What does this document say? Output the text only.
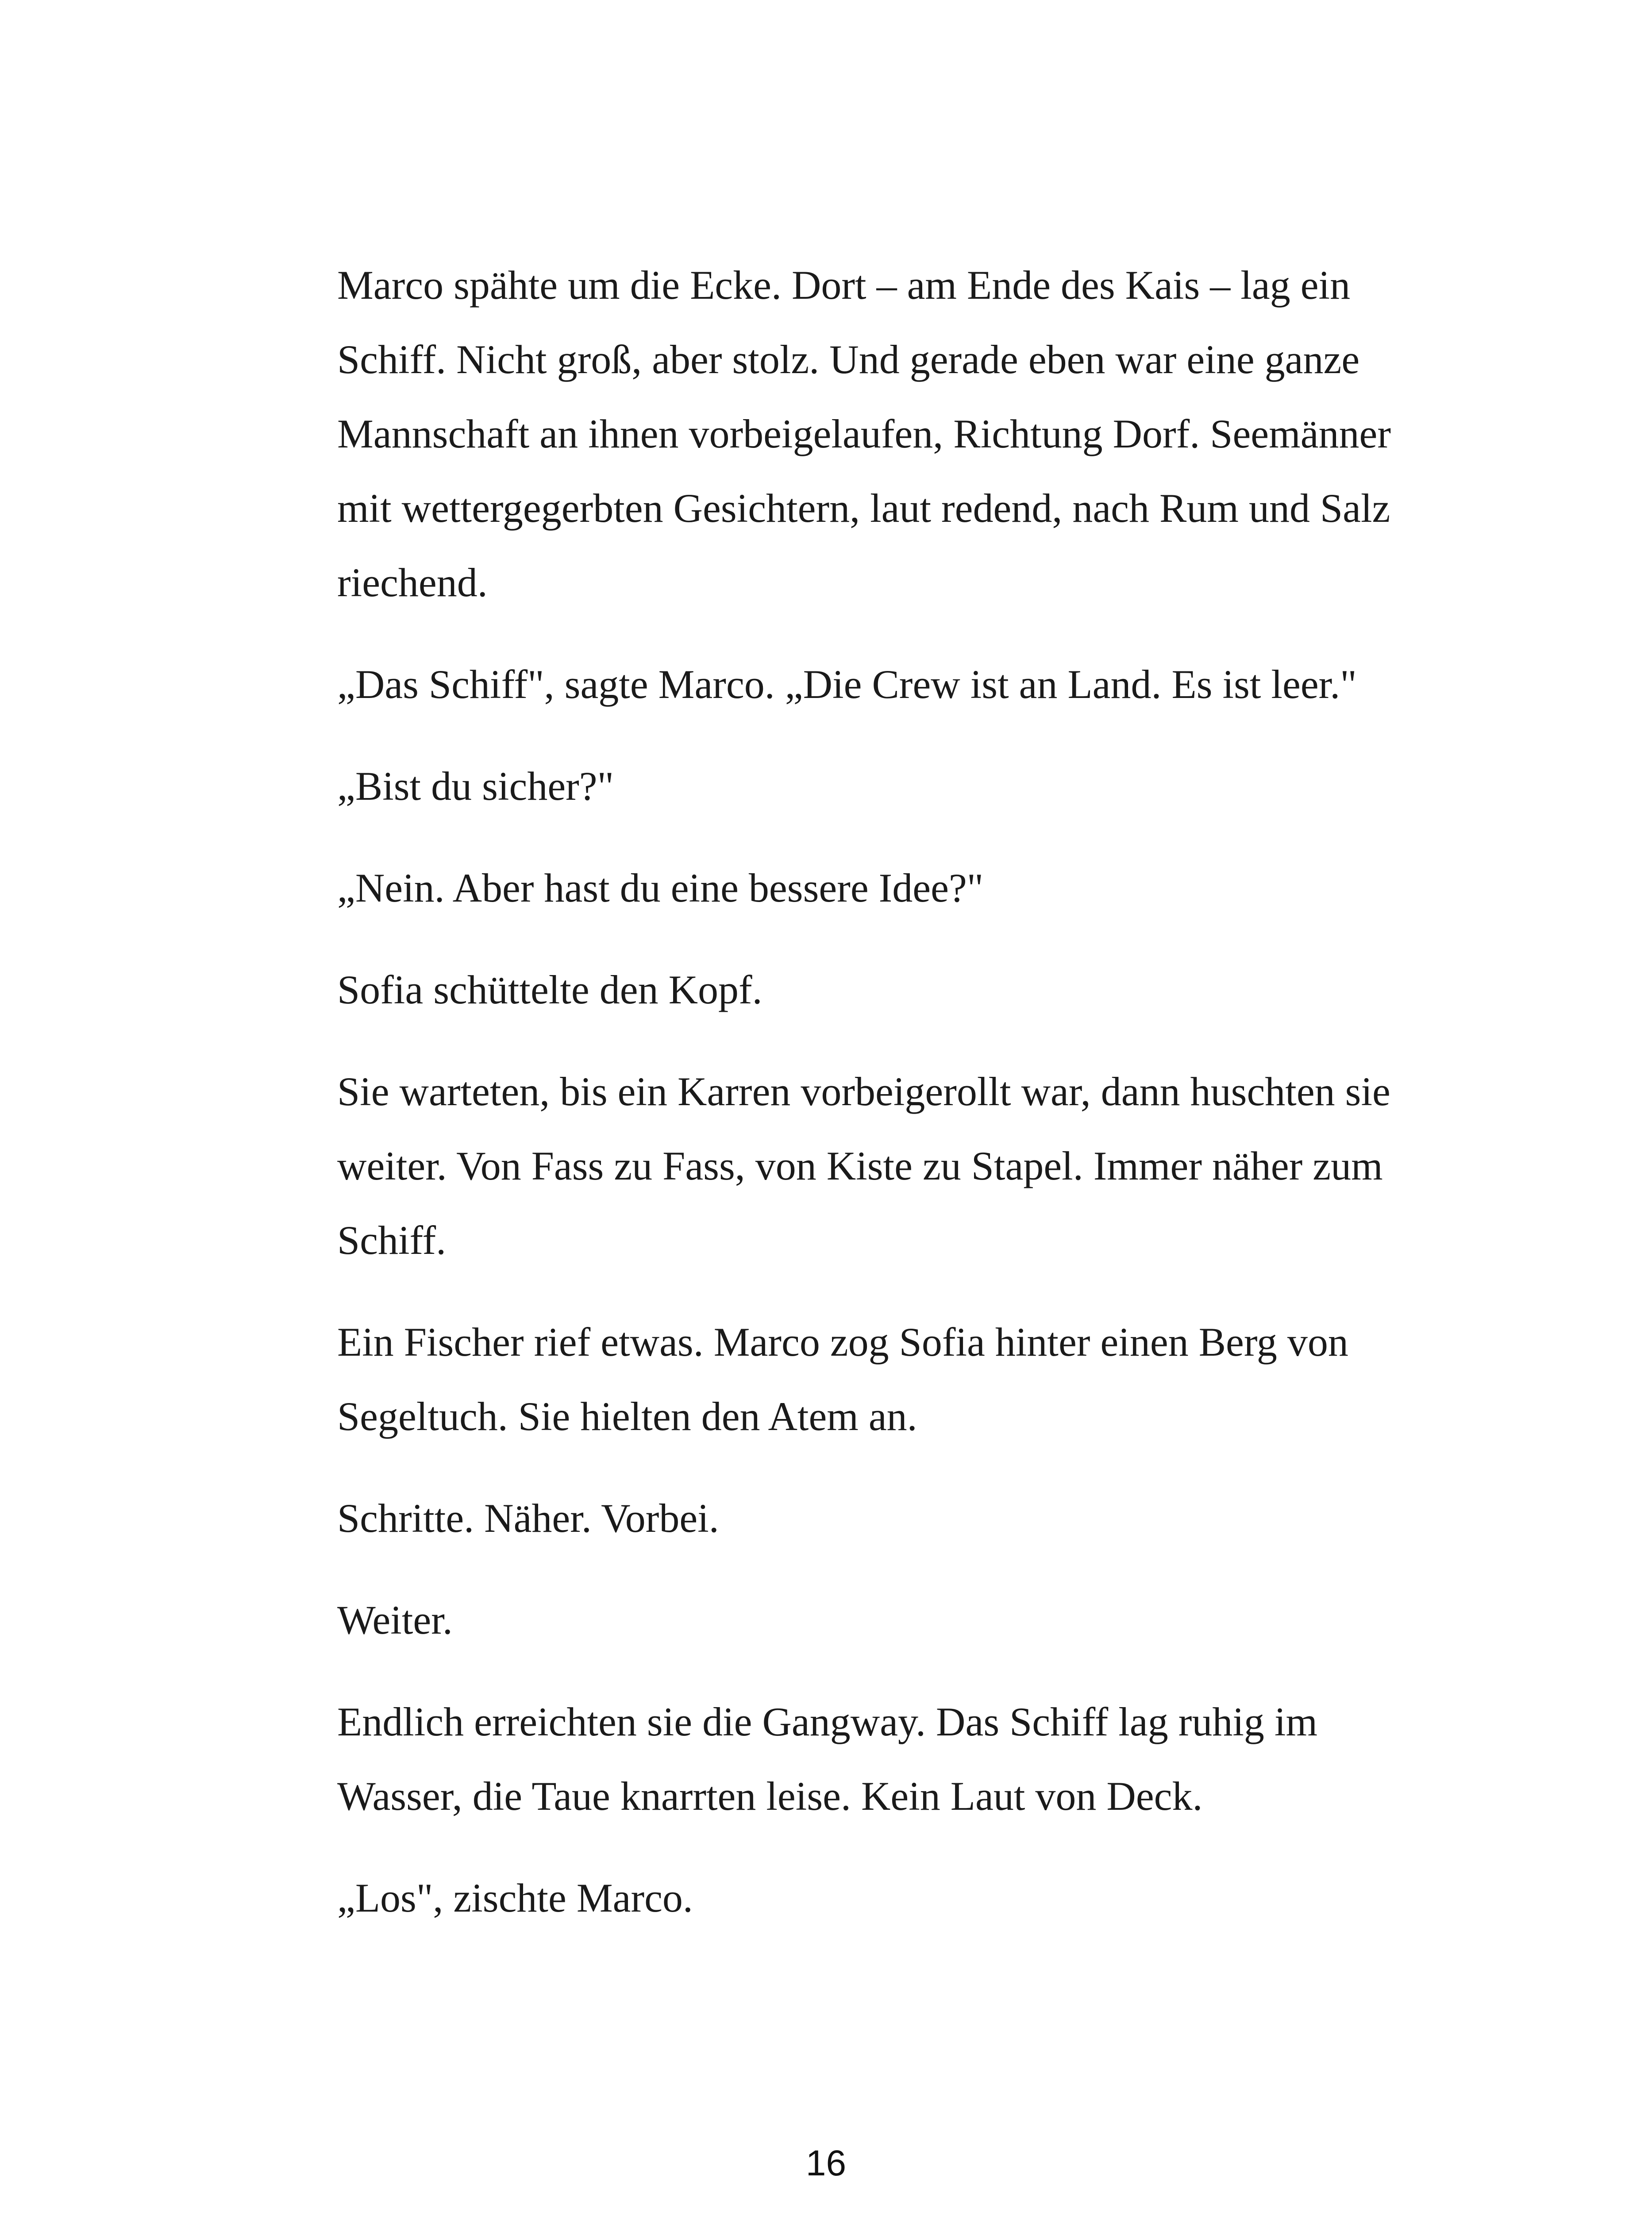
Marco spähte um die Ecke. Dort – am Ende des Kais – lag ein Schiff. Nicht groß, aber stolz. Und gerade eben war eine ganze Mannschaft an ihnen vorbeigelaufen, Richtung Dorf. Seemänner mit wettergegerbten Gesichtern, laut redend, nach Rum und Salz riechend.

„Das Schiff", sagte Marco. „Die Crew ist an Land. Es ist leer."

„Bist du sicher?"

„Nein. Aber hast du eine bessere Idee?"

Sofia schüttelte den Kopf.

Sie warteten, bis ein Karren vorbeigerollt war, dann huschten sie weiter. Von Fass zu Fass, von Kiste zu Stapel. Immer näher zum Schiff.

Ein Fischer rief etwas. Marco zog Sofia hinter einen Berg von Segeltuch. Sie hielten den Atem an.

Schritte. Näher. Vorbei.

Weiter.

Endlich erreichten sie die Gangway. Das Schiff lag ruhig im Wasser, die Taue knarrten leise. Kein Laut von Deck.

„Los", zischte Marco.

16
